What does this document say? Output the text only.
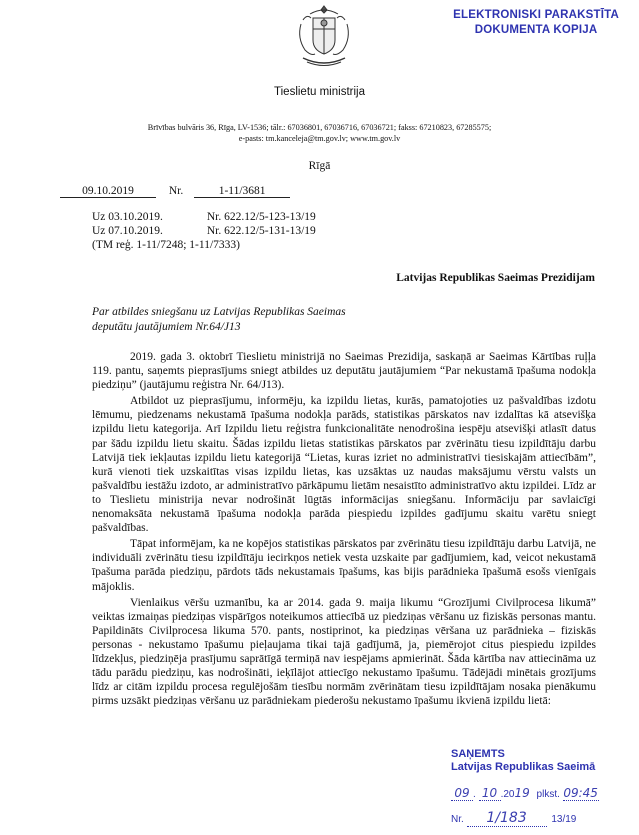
ELEKTRONISKI PARAKSTĪTA
DOKUMENTA KOPIJA
Tieslietu ministrija
Brīvības bulvāris 36, Rīga, LV-1536; tālr.: 67036801, 67036716, 67036721; fakss: 67210823, 67285575;
e-pasts: tm.kanceleja@tm.gov.lv; www.tm.gov.lv
Rīgā
09.10.2019	Nr.	1-11/3681
Uz 03.10.2019.	Nr. 622.12/5-123-13/19
Uz 07.10.2019.	Nr. 622.12/5-131-13/19
(TM reģ. 1-11/7248; 1-11/7333)
Latvijas Republikas Saeimas Prezidijam
Par atbildes sniegšanu uz Latvijas Republikas Saeimas
deputātu jautājumiem Nr.64/J13

2019. gada 3. oktobrī Tieslietu ministrijā no Saeimas Prezidija, saskaņā ar Saeimas Kārtības ruļļa 119. pantu, saņemts pieprasījums sniegt atbildes uz deputātu jautājumiem “Par nekustamā īpašuma nodokļa piedziņu” (jautājumu reģistra Nr. 64/J13).

Atbildot uz pieprasījumu, informēju, ka izpildu lietas, kurās, pamatojoties uz pašvaldības izdotu lēmumu, piedzenams nekustamā īpašuma nodokļa parāds, statistikas pārskatos nav izdalītas kā atsevišķa izpildu lietu kategorija. Arī Izpildu lietu reģistra funkcionalitāte nenodrošina iespēju atsevišķi atlasīt datus par šādu izpildu lietu skaitu. Šādas izpildu lietas statistikas pārskatos par zvērinātu tiesu izpildītāju darbu Latvijā tiek iekļautas izpildu lietu kategorijā “Lietas, kuras izriet no administratīvi tiesiskajām attiecībām”, kurā vienoti tiek uzskaitītas visas izpildu lietas, kas uzsāktas uz naudas maksājumu vērstu valsts un pašvaldību iestāžu izdoto, ar administratīvo pārkāpumu lietām nesaistīto administratīvo aktu izpildei. Līdz ar to Tieslietu ministrija nevar nodrošināt lūgtās informācijas sniegšanu. Informāciju par savlaicīgi nenomaksāta nekustamā īpašuma nodokļa parāda piespiedu izpildes gadījumu skaitu varētu sniegt pašvaldības.

Tāpat informējam, ka ne kopējos statistikas pārskatos par zvērinātu tiesu izpildītāju darbu Latvijā, ne individuāli zvērinātu tiesu izpildītāju iecirkņos netiek vesta uzskaite par gadījumiem, kad, veicot nekustamā īpašuma parāda piedziņu, pārdots tāds nekustamais īpašums, kas bijis parādnieka īpašumā esošs vienīgais mājoklis.

Vienlaikus vēršu uzmanību, ka ar 2014. gada 9. maija likumu “Grozījumi Civilprocesa likumā” veiktas izmaiņas piedziņas vispārīgos noteikumos attiecībā uz piedziņas vēršanu uz fiziskās personas mantu. Papildināts Civilprocesa likuma 570. pants, nostiprinot, ka piedziņas vēršana uz parādnieka – fiziskās personas - nekustamo īpašumu pieļaujama tikai tajā gadījumā, ja, piemērojot citus piespiedu izpildes līdzekļus, piedziņēja prasījumu saprātīgā termiņā nav iespējams apmierināt. Šāda kārtība nav attiecināma uz tādu parādu piedziņu, kas nodrošināti, ieķīlājot attiecīgo nekustamo īpašumu. Tādējādi minētais grozījums līdz ar citām izpildu procesa regulējošām tiesību normām zvērinātam tiesu izpildītājam nosaka pienākumu pirms uzsākt piedziņas vēršanu uz parādniekam piederošu nekustamo īpašumu ikvienā izpildu lietā:

SAŅEMTS
Latvijas Republikas Saeimā
09 . 10 .2019 plkst. 09:45
Nr. 1/183 13/19
